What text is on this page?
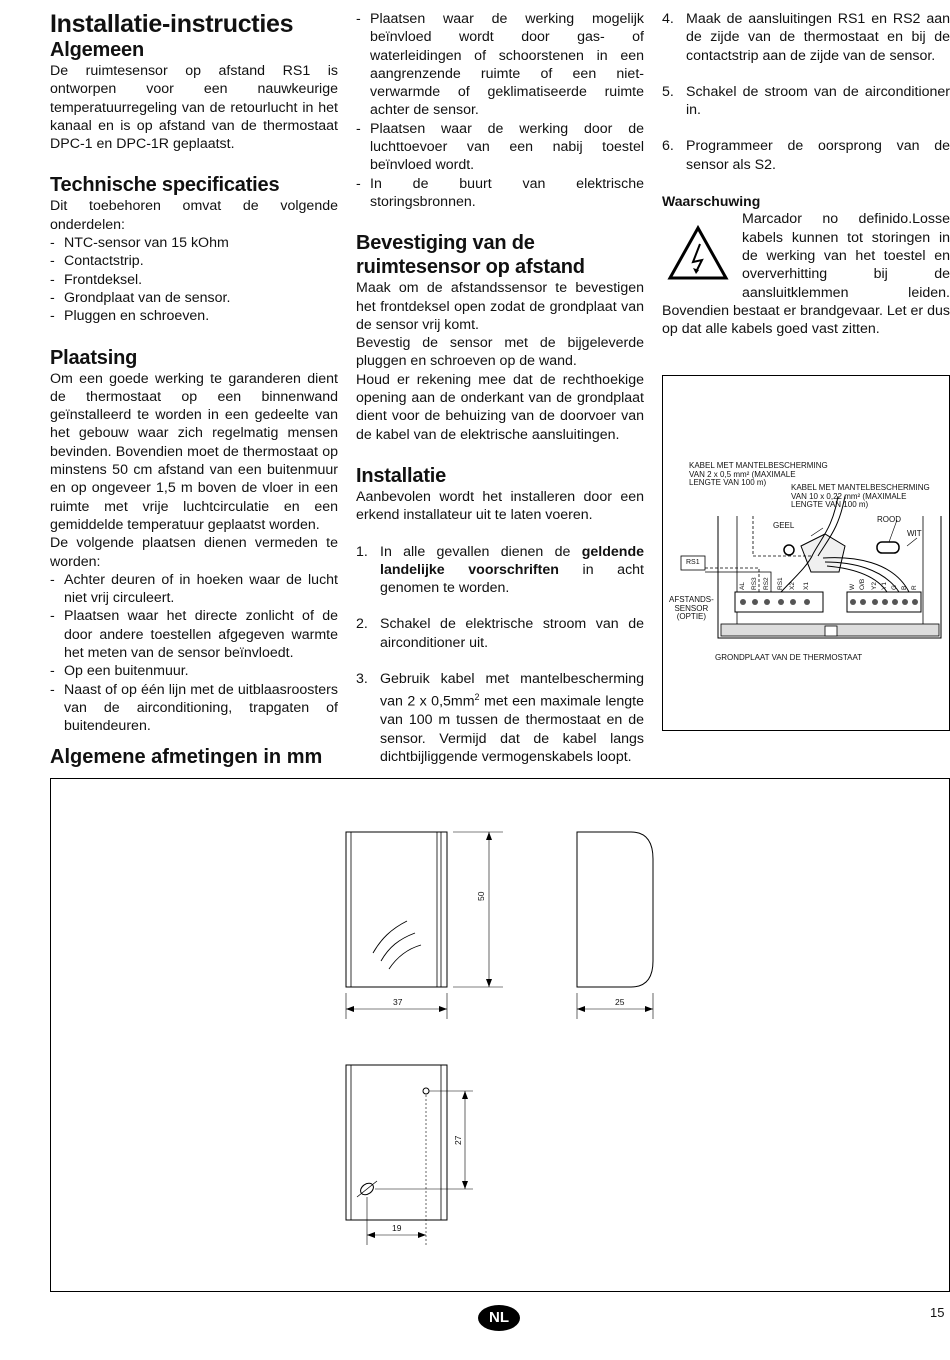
Installatie-instructies
Algemeen

De ruimtesensor op afstand RS1 is ontworpen voor een nauwkeurige temperatuurregeling van de retourlucht in het kanaal en is op afstand van de thermostaat DPC-1 en DPC-1R geplaatst.

Technische specificaties

Dit toebehoren omvat de volgende onderdelen:

- NTC-sensor van 15 kOhm
- Contactstrip.
- Frontdeksel.
- Grondplaat van de sensor.
- Pluggen en schroeven.
Plaatsing

Om een goede werking te garanderen dient de thermostaat op een binnenwand geïnstalleerd te worden in een gedeelte van het gebouw waar zich regelmatig mensen bevinden. Bovendien moet de thermostaat op minstens 50 cm afstand van een buitenmuur en op ongeveer 1,5 m boven de vloer in een ruimte met vrije luchtcirculatie en een gemiddelde temperatuur geplaatst worden.

De volgende plaatsen dienen vermeden te worden:

- Achter deuren of in hoeken waar de lucht niet vrij circuleert.
- Plaatsen waar het directe zonlicht of de door andere toestellen afgegeven warmte het meten van de sensor beïnvloedt.
- Op een buitenmuur.
- Naast of op één lijn met de uitblaasroosters van de airconditioning, trapgaten of buitendeuren.
- Plaatsen waar de werking mogelijk beïnvloed wordt door gas- of waterleidingen of schoorstenen in een aangrenzende ruimte of een niet-verwarmde of geklimatiseerde ruimte achter de sensor.
- Plaatsen waar de werking door de luchttoevoer van een nabij toestel beïnvloed wordt.
- In de buurt van elektrische storingsbronnen.
Bevestiging van de ruimtesensor op afstand

Maak om de afstandssensor te bevestigen het frontdeksel open zodat de grondplaat van de sensor vrij komt.

Bevestig de sensor met de bijgeleverde pluggen en schroeven op de wand.

Houd er rekening mee dat de rechthoekige opening aan de onderkant van de grondplaat dient voor de behuizing van de doorvoer van de kabel van de elektrische aansluitingen.

Installatie

Aanbevolen wordt het installeren door een erkend installateur uit te laten voeren.

1. In alle gevallen dienen de geldende landelijke voorschriften in acht genomen te worden.
2. Schakel de elektrische stroom van de airconditioner uit.
3. Gebruik kabel met mantelbescherming van 2 x $0,5mm^2$ met een maximale lengte van 100 m tussen de thermostaat en de sensor. Vermijd dat de kabel langs dichtbijliggende vermogenskabels loopt.
4. Maak de aansluitingen RS1 en RS2 aan de zijde van de thermostaat en bij de contactstrip aan de zijde van de sensor.
5. Schakel de stroom van de airconditioner in.
6. Programmeer de oorsprong van de sensor als S2.
Waarschuwing

Marcador no definido.Losse kabels kunnen tot storingen in de werking van het toestel en oververhitting bij de aansluitklemmen leiden. Bovendien bestaat er brandgevaar. Let er dus op dat alle kabels goed vast zitten.

KABEL MET MANTELBESCHERMING
VAN 2 x 0,5 mm² (MAXIMALE
LENGTE VAN 100 m)
KABEL MET MANTELBESCHERMING
VAN 10 x 0,22 mm² (MAXIMALE
LENGTE VAN 100 m)
GEEL
ROOD
WIT
RS1
AFSTANDS-
SENSOR
(OPTIE)
GRONDPLAAT VAN DE THERMOSTAAT
AL RS3 RS2 RS1 X2 X1	W O/B Y2 Y1 G B R
Algemene afmetingen in mm
50
37	25
27
19
NL	15
